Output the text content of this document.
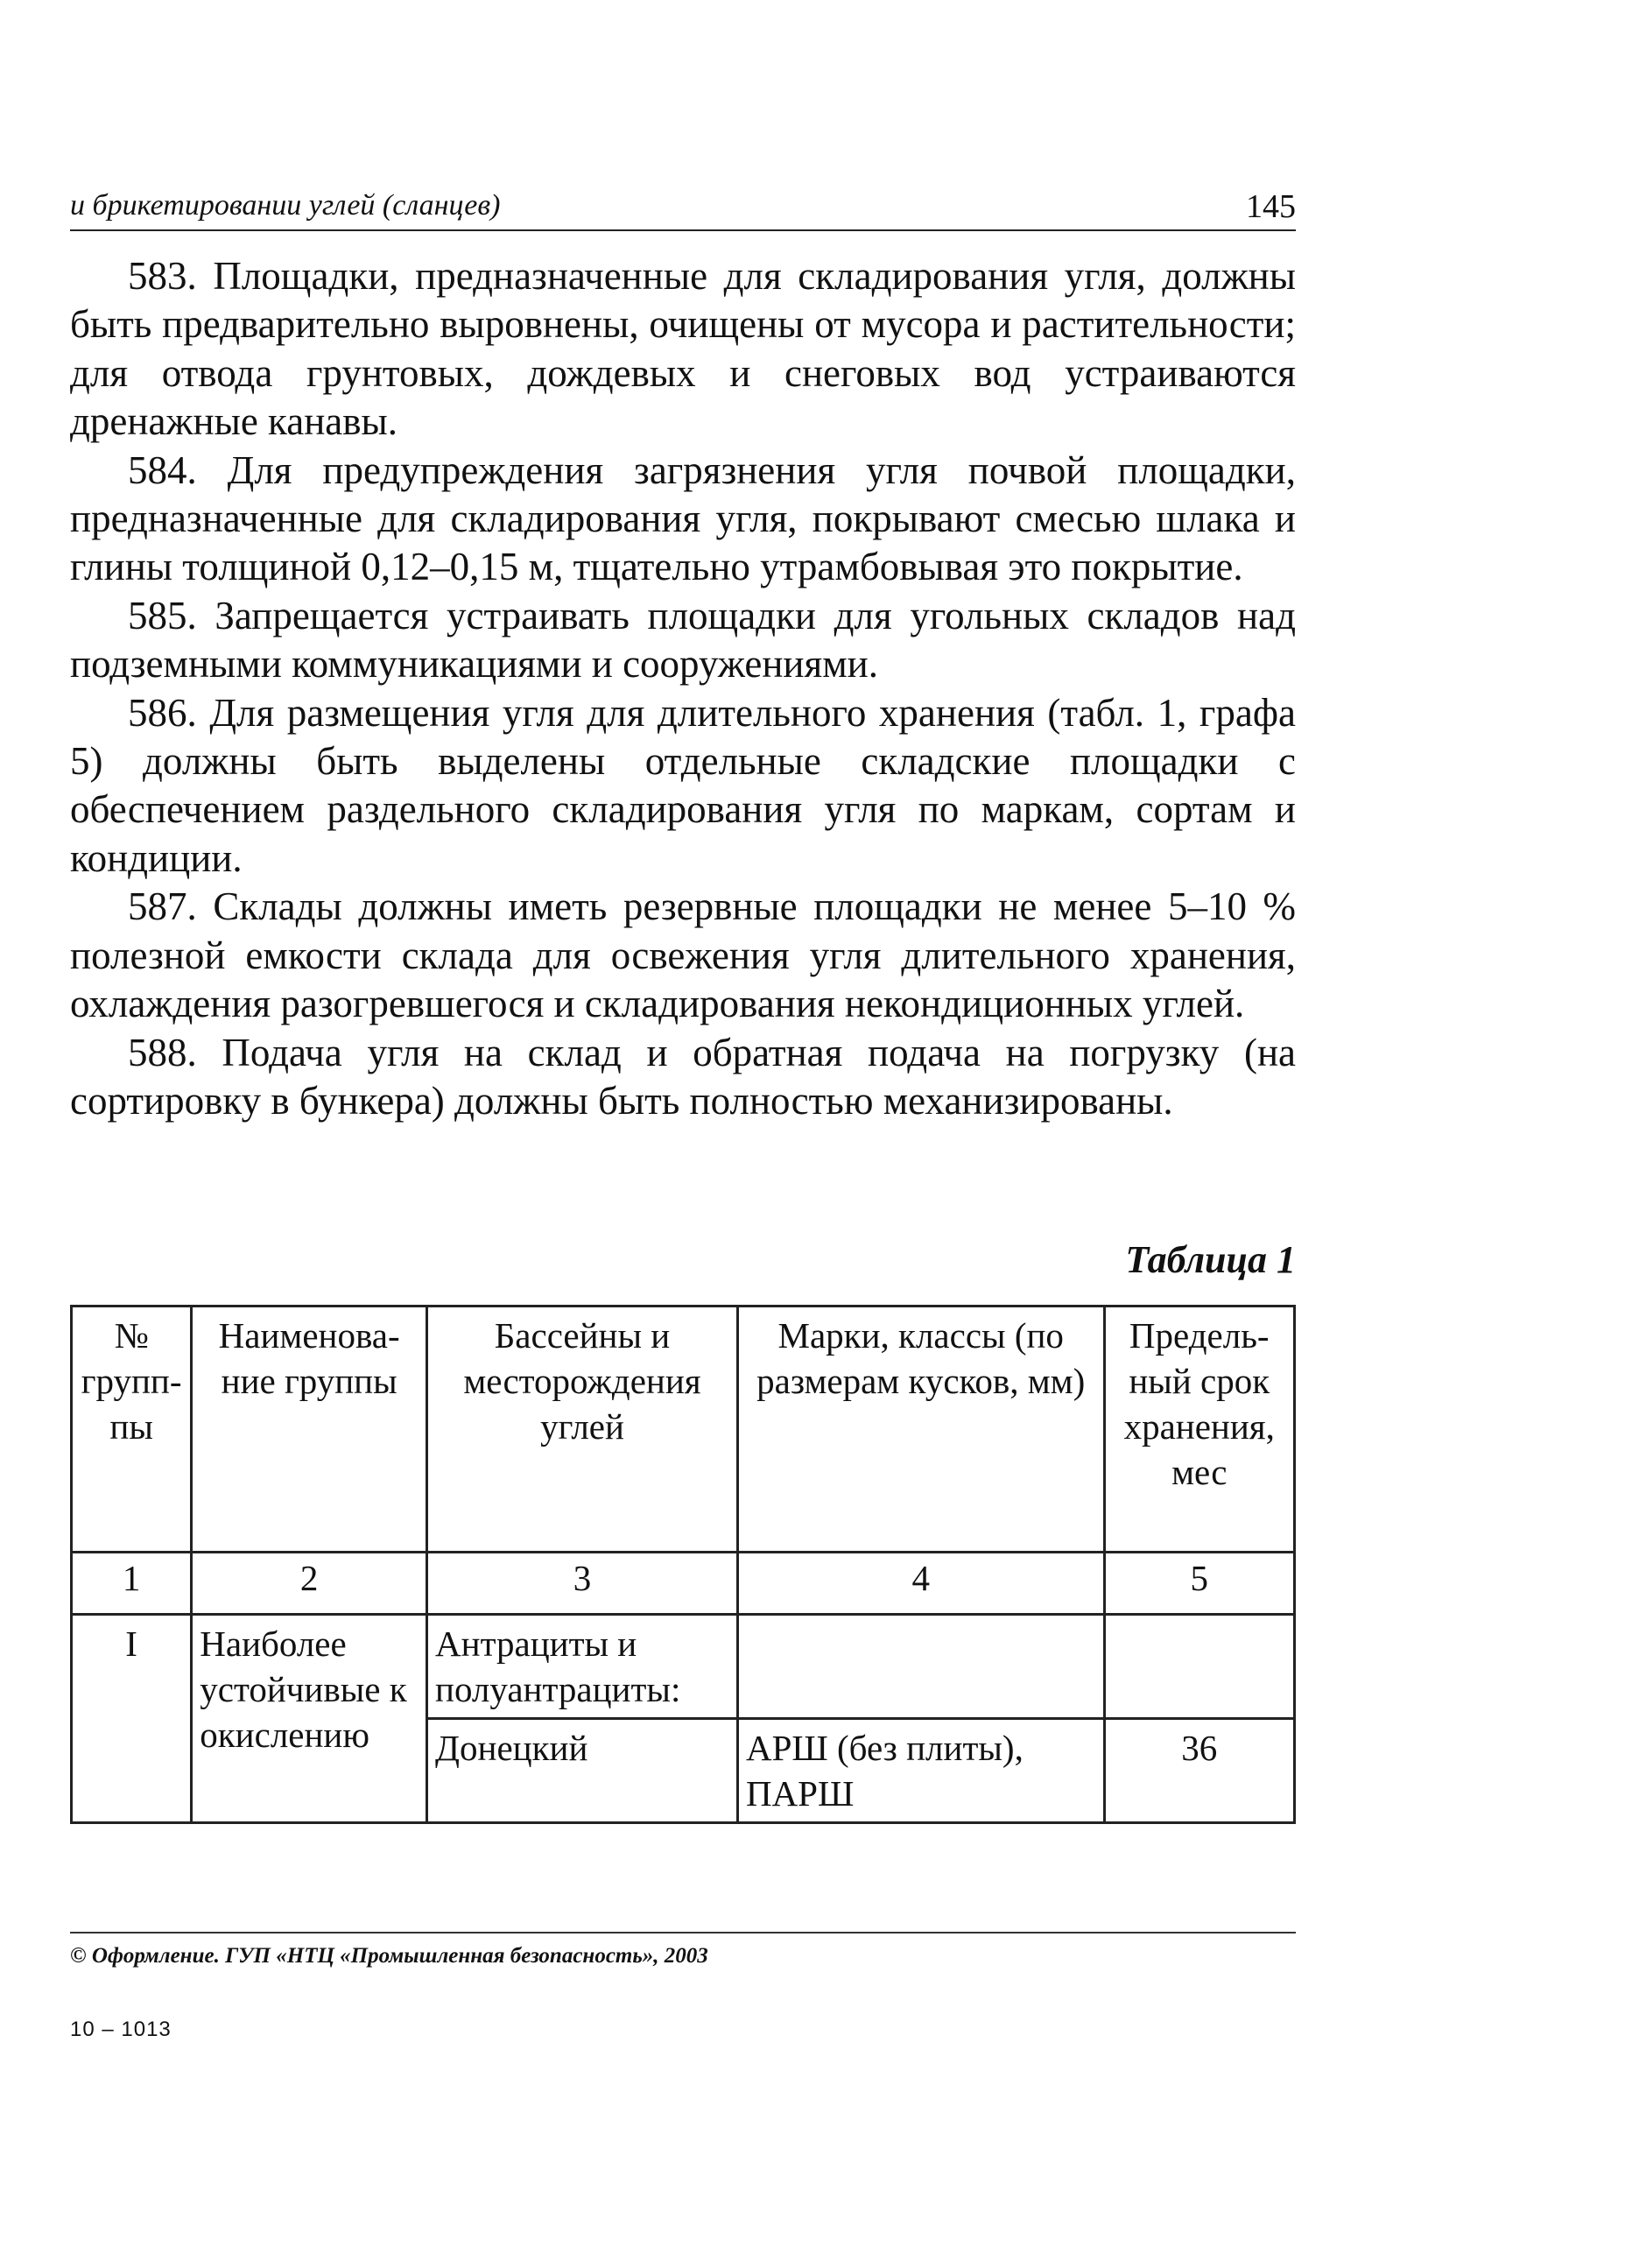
и брикетировании углей (сланцев)	145

583. Площадки, предназначенные для складирования угля, должны быть предварительно выровнены, очищены от мусора и растительности; для отвода грунтовых, дождевых и снеговых вод устраиваются дренажные канавы.

584. Для предупреждения загрязнения угля почвой площадки, предназначенные для складирования угля, покрывают смесью шлака и глины толщиной 0,12–0,15 м, тщательно утрамбовывая это покрытие.

585. Запрещается устраивать площадки для угольных складов над подземными коммуникациями и сооружениями.

586. Для размещения угля для длительного хранения (табл. 1, графа 5) должны быть выделены отдельные складские площадки с обеспечением раздельного складирования угля по маркам, сортам и кондиции.

587. Склады должны иметь резервные площадки не менее 5–10 % полезной емкости склада для освежения угля длительного хранения, охлаждения разогревшегося и складирования некондиционных углей.

588. Подача угля на склад и обратная подача на погрузку (на сортировку в бункера) должны быть полностью механизированы.

Таблица 1
№ групп-пы	Наименова-ние группы	Бассейны и месторождения углей	Марки, классы (по размерам кусков, мм)	Предель-ный срок хранения, мес
1	2	3	4	5
I	Наиболее устойчивые к окислению	Антрациты и полуантрациты:		
		Донецкий	АРШ (без плиты), ПАРШ	36
© Оформление. ГУП «НТЦ «Промышленная безопасность», 2003
10 – 1013
